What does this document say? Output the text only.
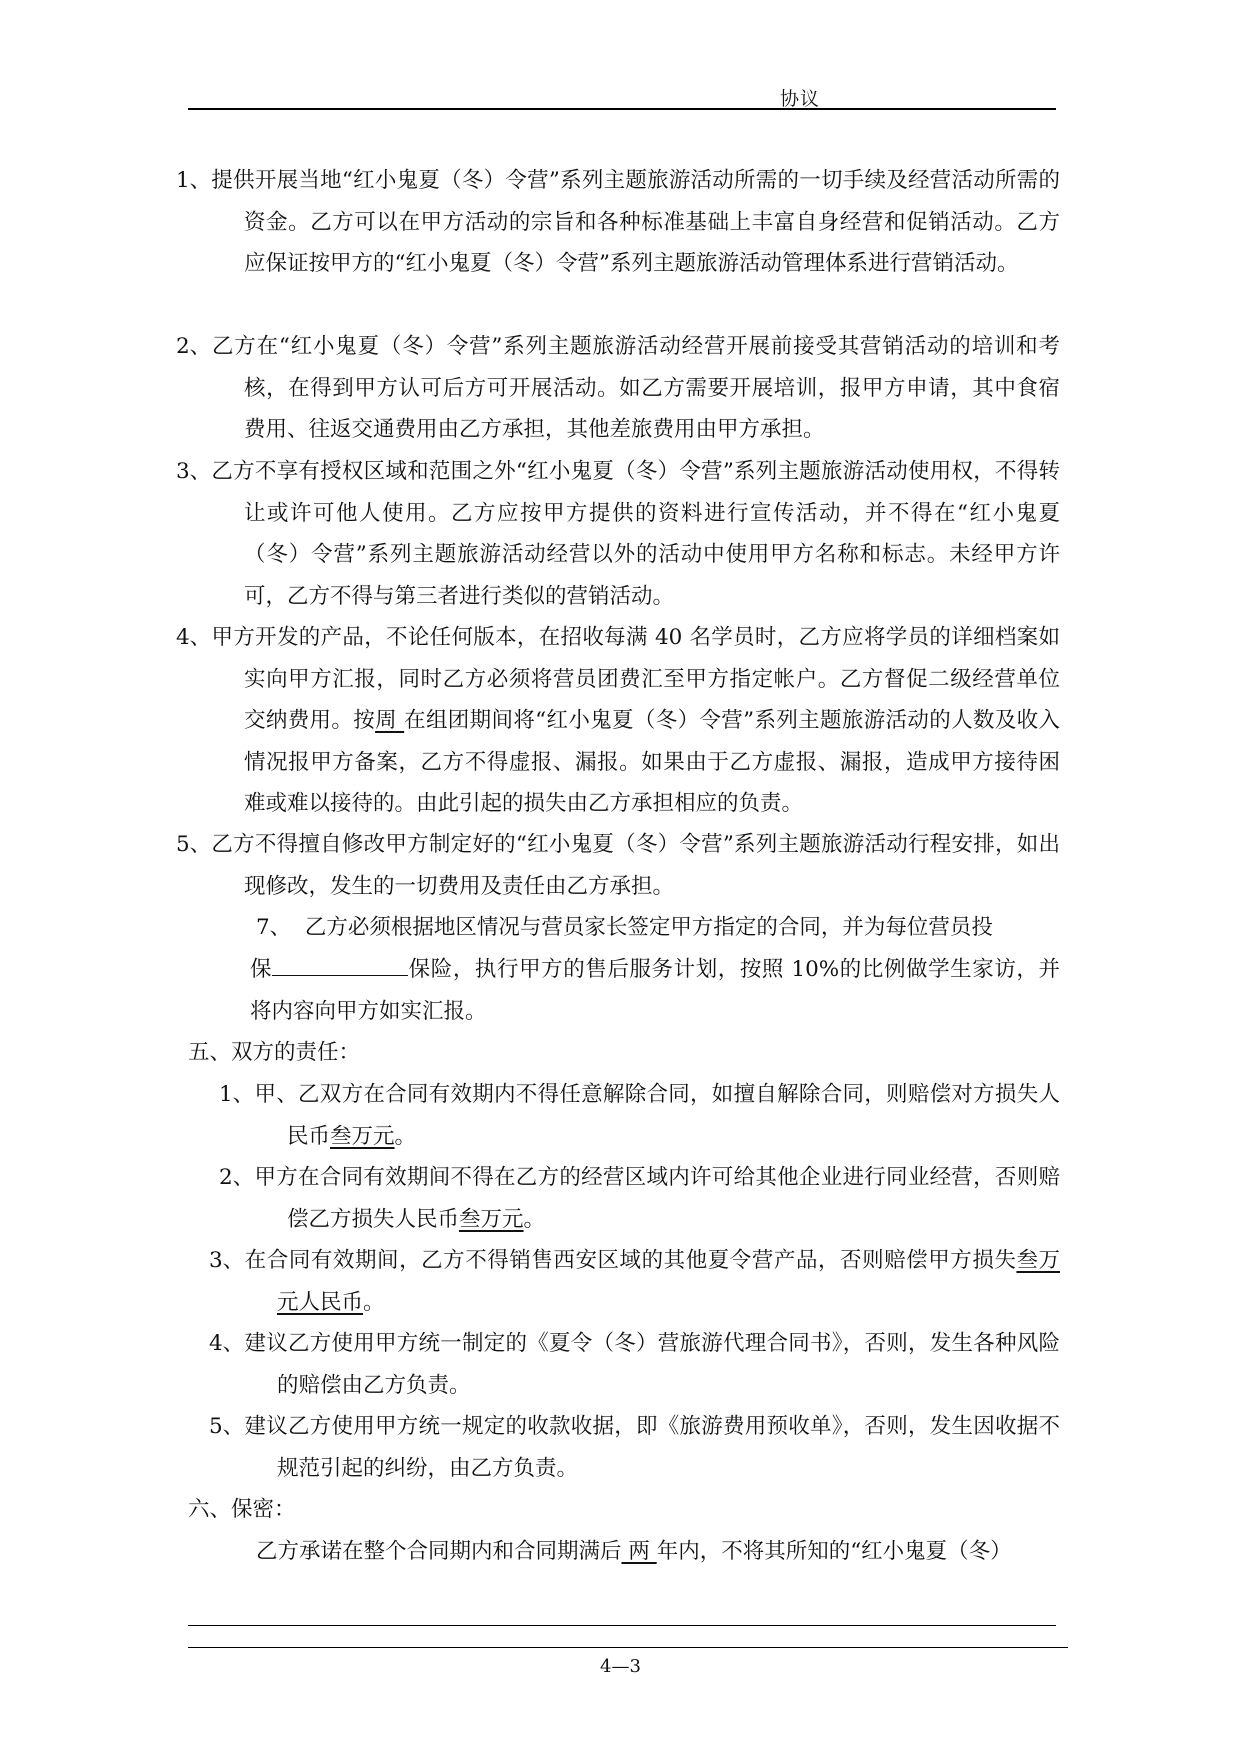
协议

1、提供开展当地“红小鬼夏（冬）令营”系列主题旅游活动所需的一切手续及经营活动所需的资金。乙方可以在甲方活动的宗旨和各种标准基础上丰富自身经营和促销活动。乙方应保证按甲方的“红小鬼夏（冬）令营”系列主题旅游活动管理体系进行营销活动。

2、乙方在“红小鬼夏（冬）令营”系列主题旅游活动经营开展前接受其营销活动的培训和考核，在得到甲方认可后方可开展活动。如乙方需要开展培训，报甲方申请，其中食宿费用、往返交通费用由乙方承担，其他差旅费用由甲方承担。

3、乙方不享有授权区域和范围之外“红小鬼夏（冬）令营”系列主题旅游活动使用权，不得转让或许可他人使用。乙方应按甲方提供的资料进行宣传活动，并不得在“红小鬼夏（冬）令营”系列主题旅游活动经营以外的活动中使用甲方名称和标志。未经甲方许可，乙方不得与第三者进行类似的营销活动。

4、甲方开发的产品，不论任何版本，在招收每满 40 名学员时，乙方应将学员的详细档案如实向甲方汇报，同时乙方必须将营员团费汇至甲方指定帐户。乙方督促二级经营单位交纳费用。按周 在组团期间将“红小鬼夏（冬）令营”系列主题旅游活动的人数及收入情况报甲方备案，乙方不得虚报、漏报。如果由于乙方虚报、漏报，造成甲方接待困难或难以接待的。由此引起的损失由乙方承担相应的负责。

5、乙方不得擅自修改甲方制定好的“红小鬼夏（冬）令营”系列主题旅游活动行程安排，如出现修改，发生的一切费用及责任由乙方承担。

7、 乙方必须根据地区情况与营员家长签定甲方指定的合同，并为每位营员投

保	保险，执行甲方的售后服务计划，按照 10%的比例做学生家访，并将内容向甲方如实汇报。

五、双方的责任：

1、甲、乙双方在合同有效期内不得任意解除合同，如擅自解除合同，则赔偿对方损失人民币叁万元。

2、甲方在合同有效期间不得在乙方的经营区域内许可给其他企业进行同业经营，否则赔偿乙方损失人民币叁万元。

3、在合同有效期间，乙方不得销售西安区域的其他夏令营产品，否则赔偿甲方损失叁万元人民币。

4、建议乙方使用甲方统一制定的《夏令（冬）营旅游代理合同书》，否则，发生各种风险的赔偿由乙方负责。

5、建议乙方使用甲方统一规定的收款收据，即《旅游费用预收单》，否则，发生因收据不规范引起的纠纷，由乙方负责。

六、保密：

乙方承诺在整个合同期内和合同期满后 两 年内，不将其所知的“红小鬼夏（冬）

4—3
